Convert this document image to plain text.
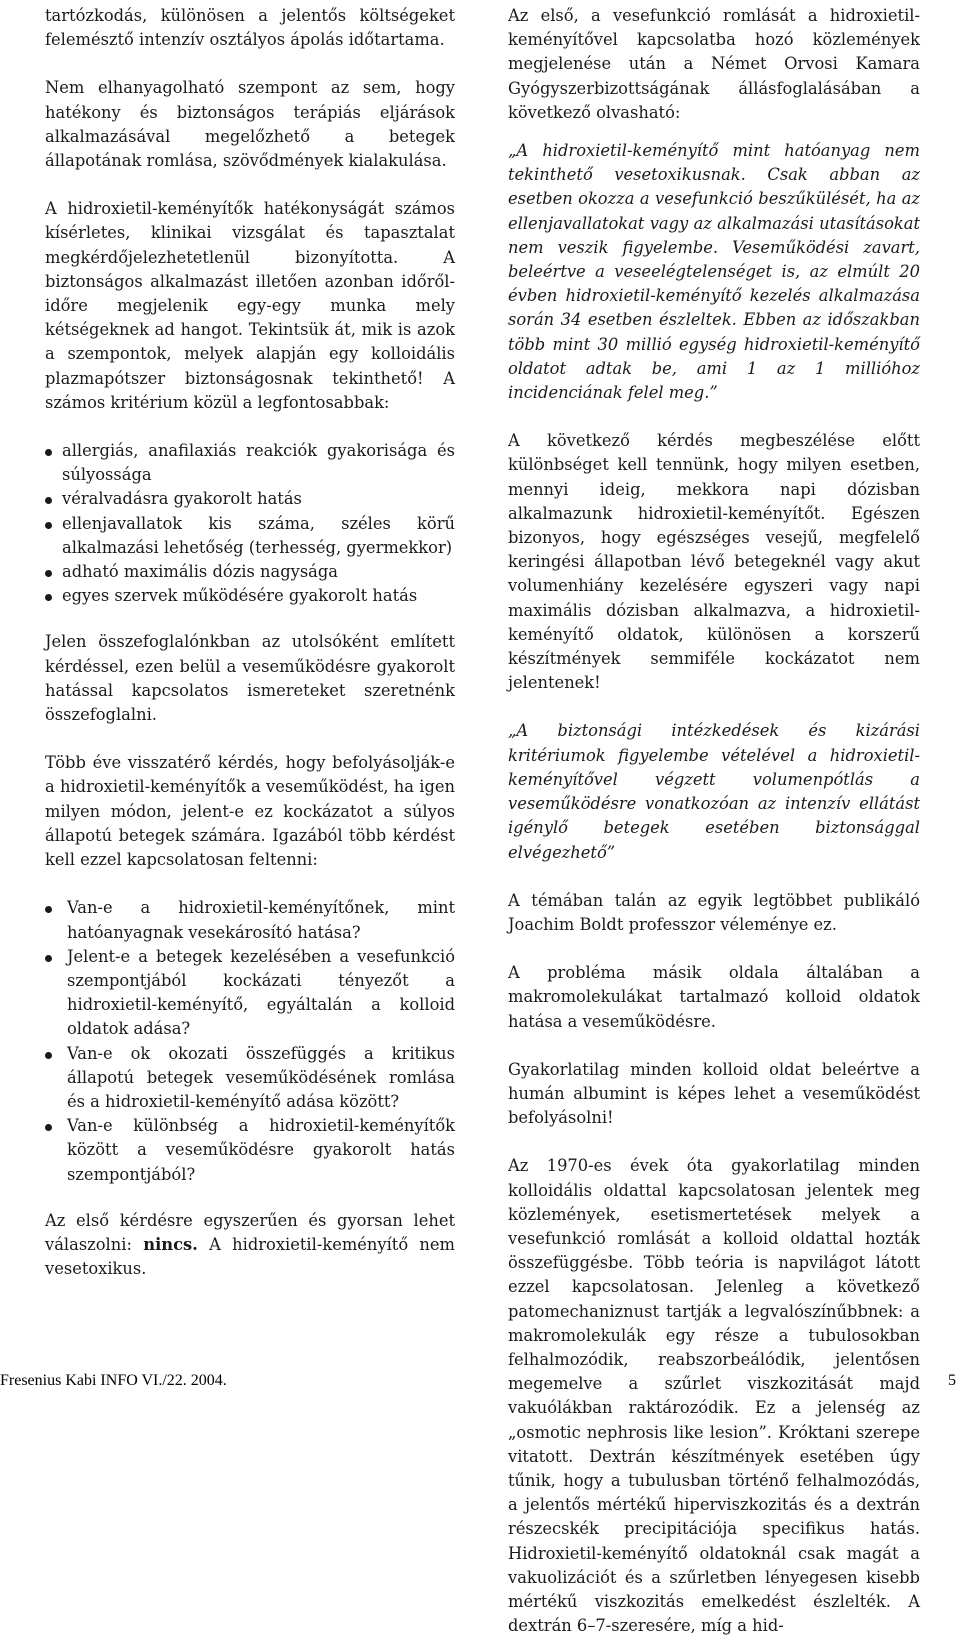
tartózkodás, különösen a jelentős költségeket felemésztő intenzív osztályos ápolás időtartama.

Nem elhanyagolható szempont az sem, hogy hatékony és biztonságos terápiás eljárások alkalmazásával megelőzhető a betegek állapotának romlása, szövődmények kialakulása.

A hidroxietil-keményítők hatékonyságát számos kísérletes, klinikai vizsgálat és tapasztalat megkérdőjelezhetetlenül bizonyította. A biztonságos alkalmazást illetően azonban időről-időre megjelenik egy-egy munka mely kétségeknek ad hangot. Tekintsük át, mik is azok a szempontok, melyek alapján egy kolloidális plazmapótszer biztonságosnak tekinthető! A számos kritérium közül a legfontosabbak:

allergiás, anafilaxiás reakciók gyakorisága és súlyossága
véralvadásra gyakorolt hatás
ellenjavallatok kis száma, széles körű alkalmazási lehetőség (terhesség, gyermekkor)
adható maximális dózis nagysága
egyes szervek működésére gyakorolt hatás

Jelen összefoglalónkban az utolsóként említett kérdéssel, ezen belül a veseműködésre gyakorolt hatással kapcsolatos ismereteket szeretnénk összefoglalni.

Több éve visszatérő kérdés, hogy befolyásolják-e a hidroxietil-keményítők a veseműködést, ha igen milyen módon, jelent-e ez kockázatot a súlyos állapotú betegek számára. Igazából több kérdést kell ezzel kapcsolatosan feltenni:

Van-e a hidroxietil-keményítőnek, mint hatóanyagnak vesekárosító hatása?
Jelent-e a betegek kezelésében a vesefunkció szempontjából kockázati tényezőt a hidroxietil-keményítő, egyáltalán a kolloid oldatok adása?
Van-e ok okozati összefüggés a kritikus állapotú betegek veseműködésének romlása és a hidroxietil-keményítő adása között?
Van-e különbség a hidroxietil-keményítők között a veseműködésre gyakorolt hatás szempontjából?

Az első kérdésre egyszerűen és gyorsan lehet válaszolni: nincs. A hidroxietil-keményítő nem vesetoxikus.

Az első, a vesefunkció romlását a hidroxietil-keményítővel kapcsolatba hozó közlemények megjelenése után a Német Orvosi Kamara Gyógyszerbizottságának állásfoglalásában a következő olvasható:

„A hidroxietil-keményítő mint hatóanyag nem tekinthető vesetoxikusnak. Csak abban az esetben okozza a vesefunkció beszűkülését, ha az ellenjavallatokat vagy az alkalmazási utasításokat nem veszik figyelembe. Veseműködési zavart, beleértve a veseelégtelenséget is, az elmúlt 20 évben hidroxietil-keményítő kezelés alkalmazása során 34 esetben észleltek. Ebben az időszakban több mint 30 millió egység hidroxietil-keményítő oldatot adtak be, ami 1 az 1 millióhoz incidenciának felel meg.”

A következő kérdés megbeszélése előtt különbséget kell tennünk, hogy milyen esetben, mennyi ideig, mekkora napi dózisban alkalmazunk hidroxietil-keményítőt. Egészen bizonyos, hogy egészséges vesejű, megfelelő keringési állapotban lévő betegeknél vagy akut volumenhiány kezelésére egyszeri vagy napi maximális dózisban alkalmazva, a hidroxietil-keményítő oldatok, különösen a korszerű készítmények semmiféle kockázatot nem jelentenek!

„A biztonsági intézkedések és kizárási kritériumok figyelembe vételével a hidroxietil-keményítővel végzett volumenpótlás a veseműködésre vonatkozóan az intenzív ellátást igénylő betegek esetében biztonsággal elvégezhető”

A témában talán az egyik legtöbbet publikáló Joachim Boldt professzor véleménye ez.

A probléma másik oldala általában a makromolekulákat tartalmazó kolloid oldatok hatása a veseműködésre.

Gyakorlatilag minden kolloid oldat beleértve a humán albumint is képes lehet a veseműködést befolyásolni!

Az 1970-es évek óta gyakorlatilag minden kolloidális oldattal kapcsolatosan jelentek meg közlemények, esetismertetések melyek a vesefunkció romlását a kolloid oldattal hozták összefüggésbe. Több teória is napvilágot látott ezzel kapcsolatosan. Jelenleg a következő patomechaniznust tartják a legvalószínűbbnek: a makromolekulák egy része a tubulosokban felhalmozódik, reabszorbeálódik, jelentősen megemelve a szűrlet viszkozitását majd vakuólákban raktározódik. Ez a jelenség az „osmotic nephrosis like lesion”. Króktani szerepe vitatott. Dextrán készítmények esetében úgy tűnik, hogy a tubulusban történő felhalmozódás, a jelentős mértékű hiperviszkozitás és a dextrán részecskék precipitációja specifikus hatás. Hidroxietil-keményítő oldatoknál csak magát a vakuolizációt és a szűrletben lényegesen kisebb mértékű viszkozitás emelkedést észlelték. A dextrán 6–7-szeresére, míg a hid-

Fresenius Kabi INFO VI./22. 2004.	5
